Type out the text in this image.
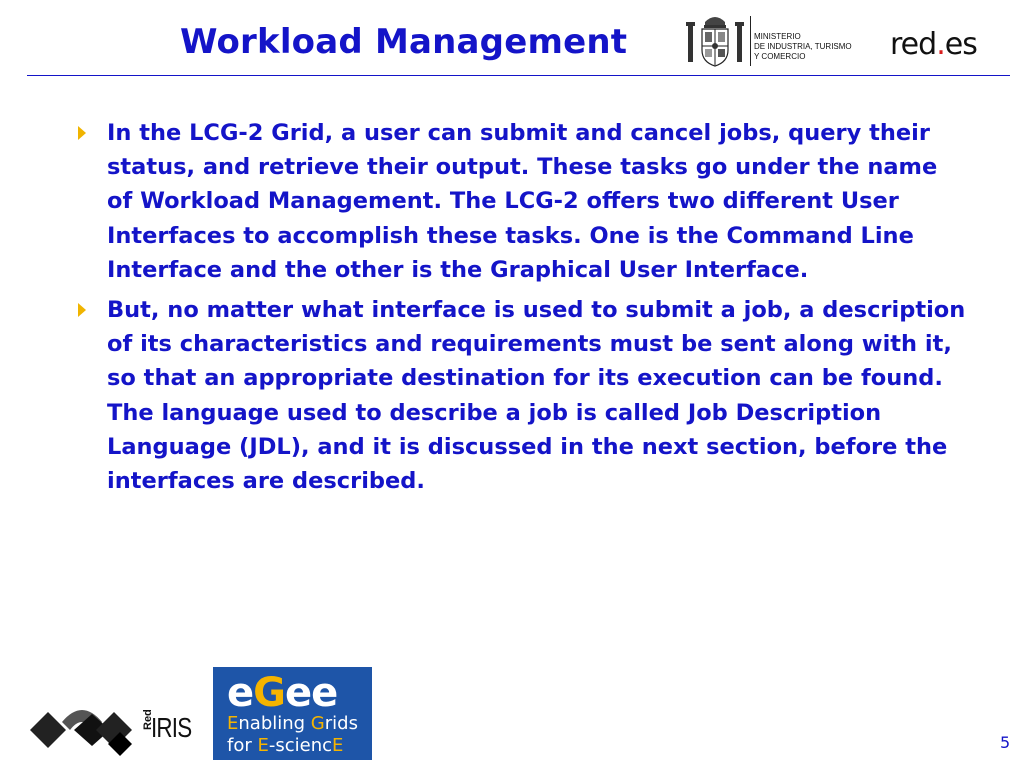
Workload Management	MINISTERIO
DE INDUSTRIA, TURISMO
Y COMERCIO	red.es
In the LCG-2 Grid, a user can submit and cancel jobs, query their status, and retrieve their output. These tasks go under the name of Workload Management. The LCG-2 offers two different User Interfaces to accomplish these tasks. One is the Command Line Interface and the other is the Graphical User Interface.
But, no matter what interface is used to submit a job, a description of its characteristics and requirements must be sent along with it, so that an appropriate destination for its execution can be found. The language used to describe a job is called Job Description Language (JDL), and it is discussed in the next section, before the interfaces are described.
Red
IRIS
eGee
Enabling Grids
for E-sciencE	5
